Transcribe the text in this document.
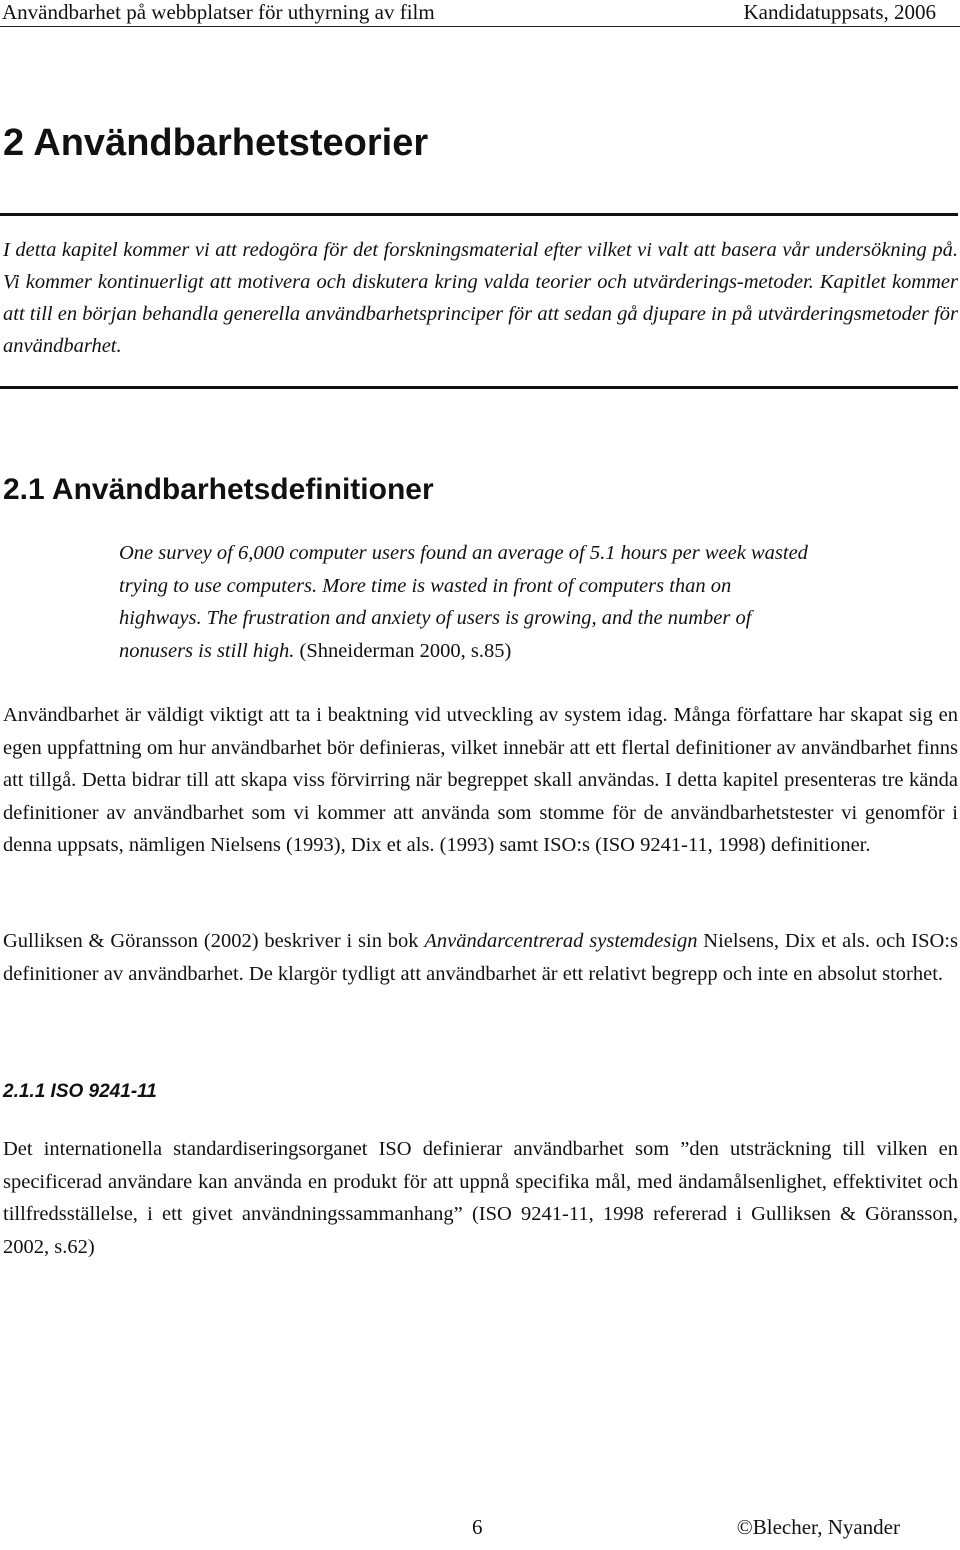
Användbarhet på webbplatser för uthyrning av film	Kandidatuppsats, 2006
2 Användbarhetsteorier

I detta kapitel kommer vi att redogöra för det forskningsmaterial efter vilket vi valt att basera vår undersökning på. Vi kommer kontinuerligt att motivera och diskutera kring valda teorier och utvärderings-metoder. Kapitlet kommer att till en början behandla generella användbarhetsprinciper för att sedan gå djupare in på utvärderingsmetoder för användbarhet.

2.1 Användbarhetsdefinitioner
One survey of 6,000 computer users found an average of 5.1 hours per week wasted trying to use computers. More time is wasted in front of computers than on highways. The frustration and anxiety of users is growing, and the number of nonusers is still high. (Shneiderman 2000, s.85)

Användbarhet är väldigt viktigt att ta i beaktning vid utveckling av system idag. Många författare har skapat sig en egen uppfattning om hur användbarhet bör definieras, vilket innebär att ett flertal definitioner av användbarhet finns att tillgå. Detta bidrar till att skapa viss förvirring när begreppet skall användas. I detta kapitel presenteras tre kända definitioner av användbarhet som vi kommer att använda som stomme för de användbarhetstester vi genomför i denna uppsats, nämligen Nielsens (1993), Dix et als. (1993) samt ISO:s (ISO 9241-11, 1998) definitioner.

Gulliksen & Göransson (2002) beskriver i sin bok Användarcentrerad systemdesign Nielsens, Dix et als. och ISO:s definitioner av användbarhet. De klargör tydligt att användbarhet är ett relativt begrepp och inte en absolut storhet.

2.1.1 ISO 9241-11

Det internationella standardiseringsorganet ISO definierar användbarhet som ”den utsträckning till vilken en specificerad användare kan använda en produkt för att uppnå specifika mål, med ändamålsenlighet, effektivitet och tillfredsställelse, i ett givet användningssammanhang” (ISO 9241-11, 1998 refererad i Gulliksen & Göransson, 2002, s.62)

6	©Blecher, Nyander
